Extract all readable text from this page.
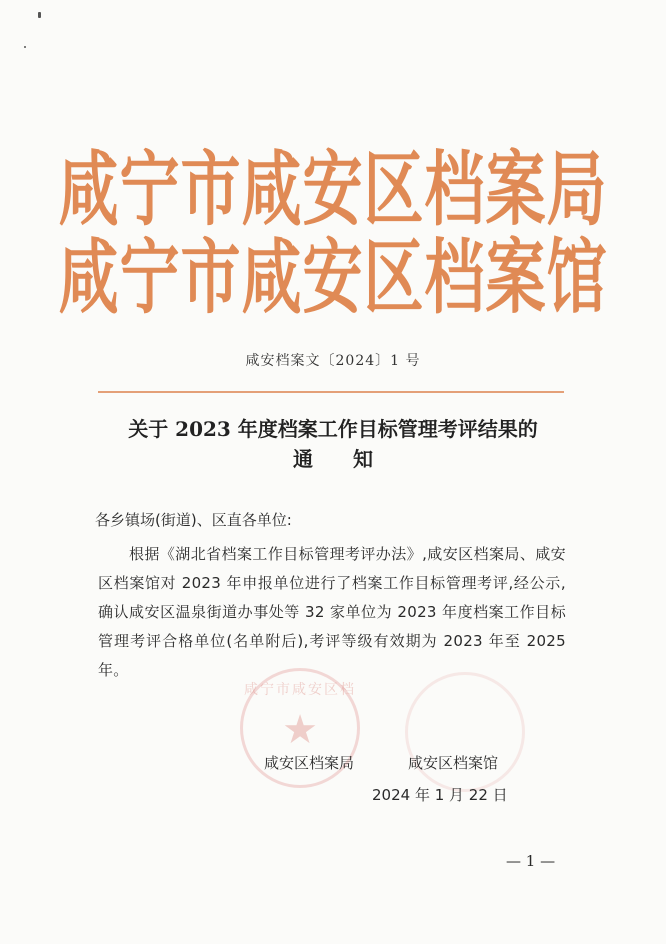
咸宁市咸安区档案局
咸宁市咸安区档案馆
咸安档案文〔2024〕1 号
关于 2023 年度档案工作目标管理考评结果的
通知
各乡镇场(街道)、区直各单位:
根据《湖北省档案工作目标管理考评办法》,咸安区档案局、咸安区档案馆对 2023 年申报单位进行了档案工作目标管理考评,经公示,确认咸安区温泉街道办事处等 32 家单位为 2023 年度档案工作目标管理考评合格单位(名单附后),考评等级有效期为 2023 年至 2025 年。
咸宁市咸安区档
★
咸安区档案局	咸安区档案馆
2024 年 1 月 22 日
— 1 —
